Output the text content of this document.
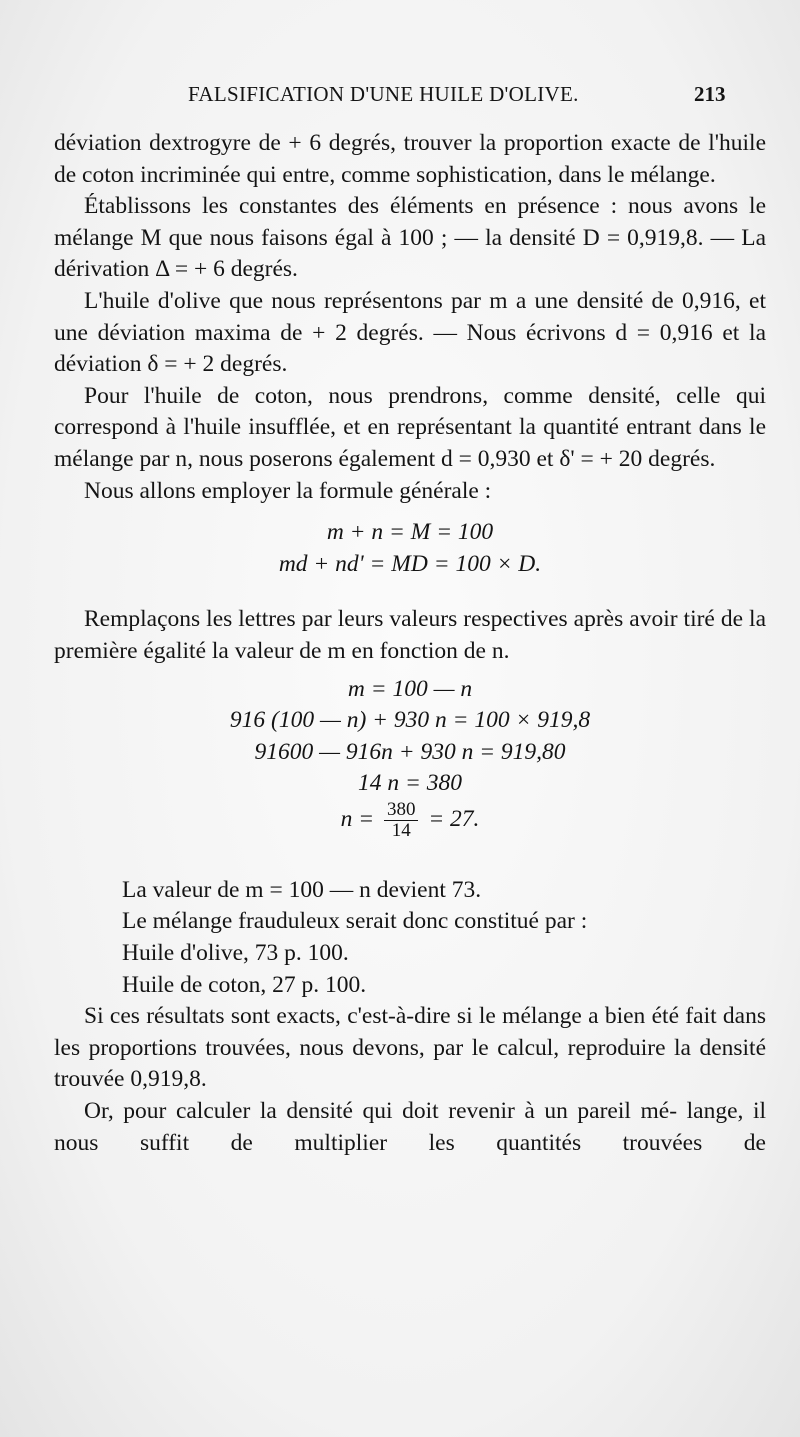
FALSIFICATION D'UNE HUILE D'OLIVE.	213

déviation dextrogyre de + 6 degrés, trouver la proportion exacte de l'huile de coton incriminée qui entre, comme sophistication, dans le mélange.

Établissons les constantes des éléments en présence : nous avons le mélange M que nous faisons égal à 100 ; — la densité D = 0,919,8. — La dérivation Δ = + 6 degrés.

L'huile d'olive que nous représentons par m a une densité de 0,916, et une déviation maxima de + 2 degrés. — Nous écrivons d = 0,916 et la déviation δ = + 2 degrés.

Pour l'huile de coton, nous prendrons, comme densité, celle qui correspond à l'huile insufflée, et en représentant la quantité entrant dans le mélange par n, nous poserons également d = 0,930 et δ' = + 20 degrés.

Nous allons employer la formule générale :

m + n = M = 100

md + nd' = MD = 100 × D.

Remplaçons les lettres par leurs valeurs respectives après avoir tiré de la première égalité la valeur de m en fonction de n.

m = 100 — n

916 (100 — n) + 930 n = 100 × 919,8

91600 — 916n + 930 n = 919,80

14 n = 380

$n = \frac{380}{14} = 27$.

La valeur de m = 100 — n devient 73.

Le mélange frauduleux serait donc constitué par :

Huile d'olive, 73 p. 100.

Huile de coton, 27 p. 100.

Si ces résultats sont exacts, c'est-à-dire si le mélange a bien été fait dans les proportions trouvées, nous devons, par le calcul, reproduire la densité trouvée 0,919,8.

Or, pour calculer la densité qui doit revenir à un pareil mé- lange, il nous suffit de multiplier les quantités trouvées de
